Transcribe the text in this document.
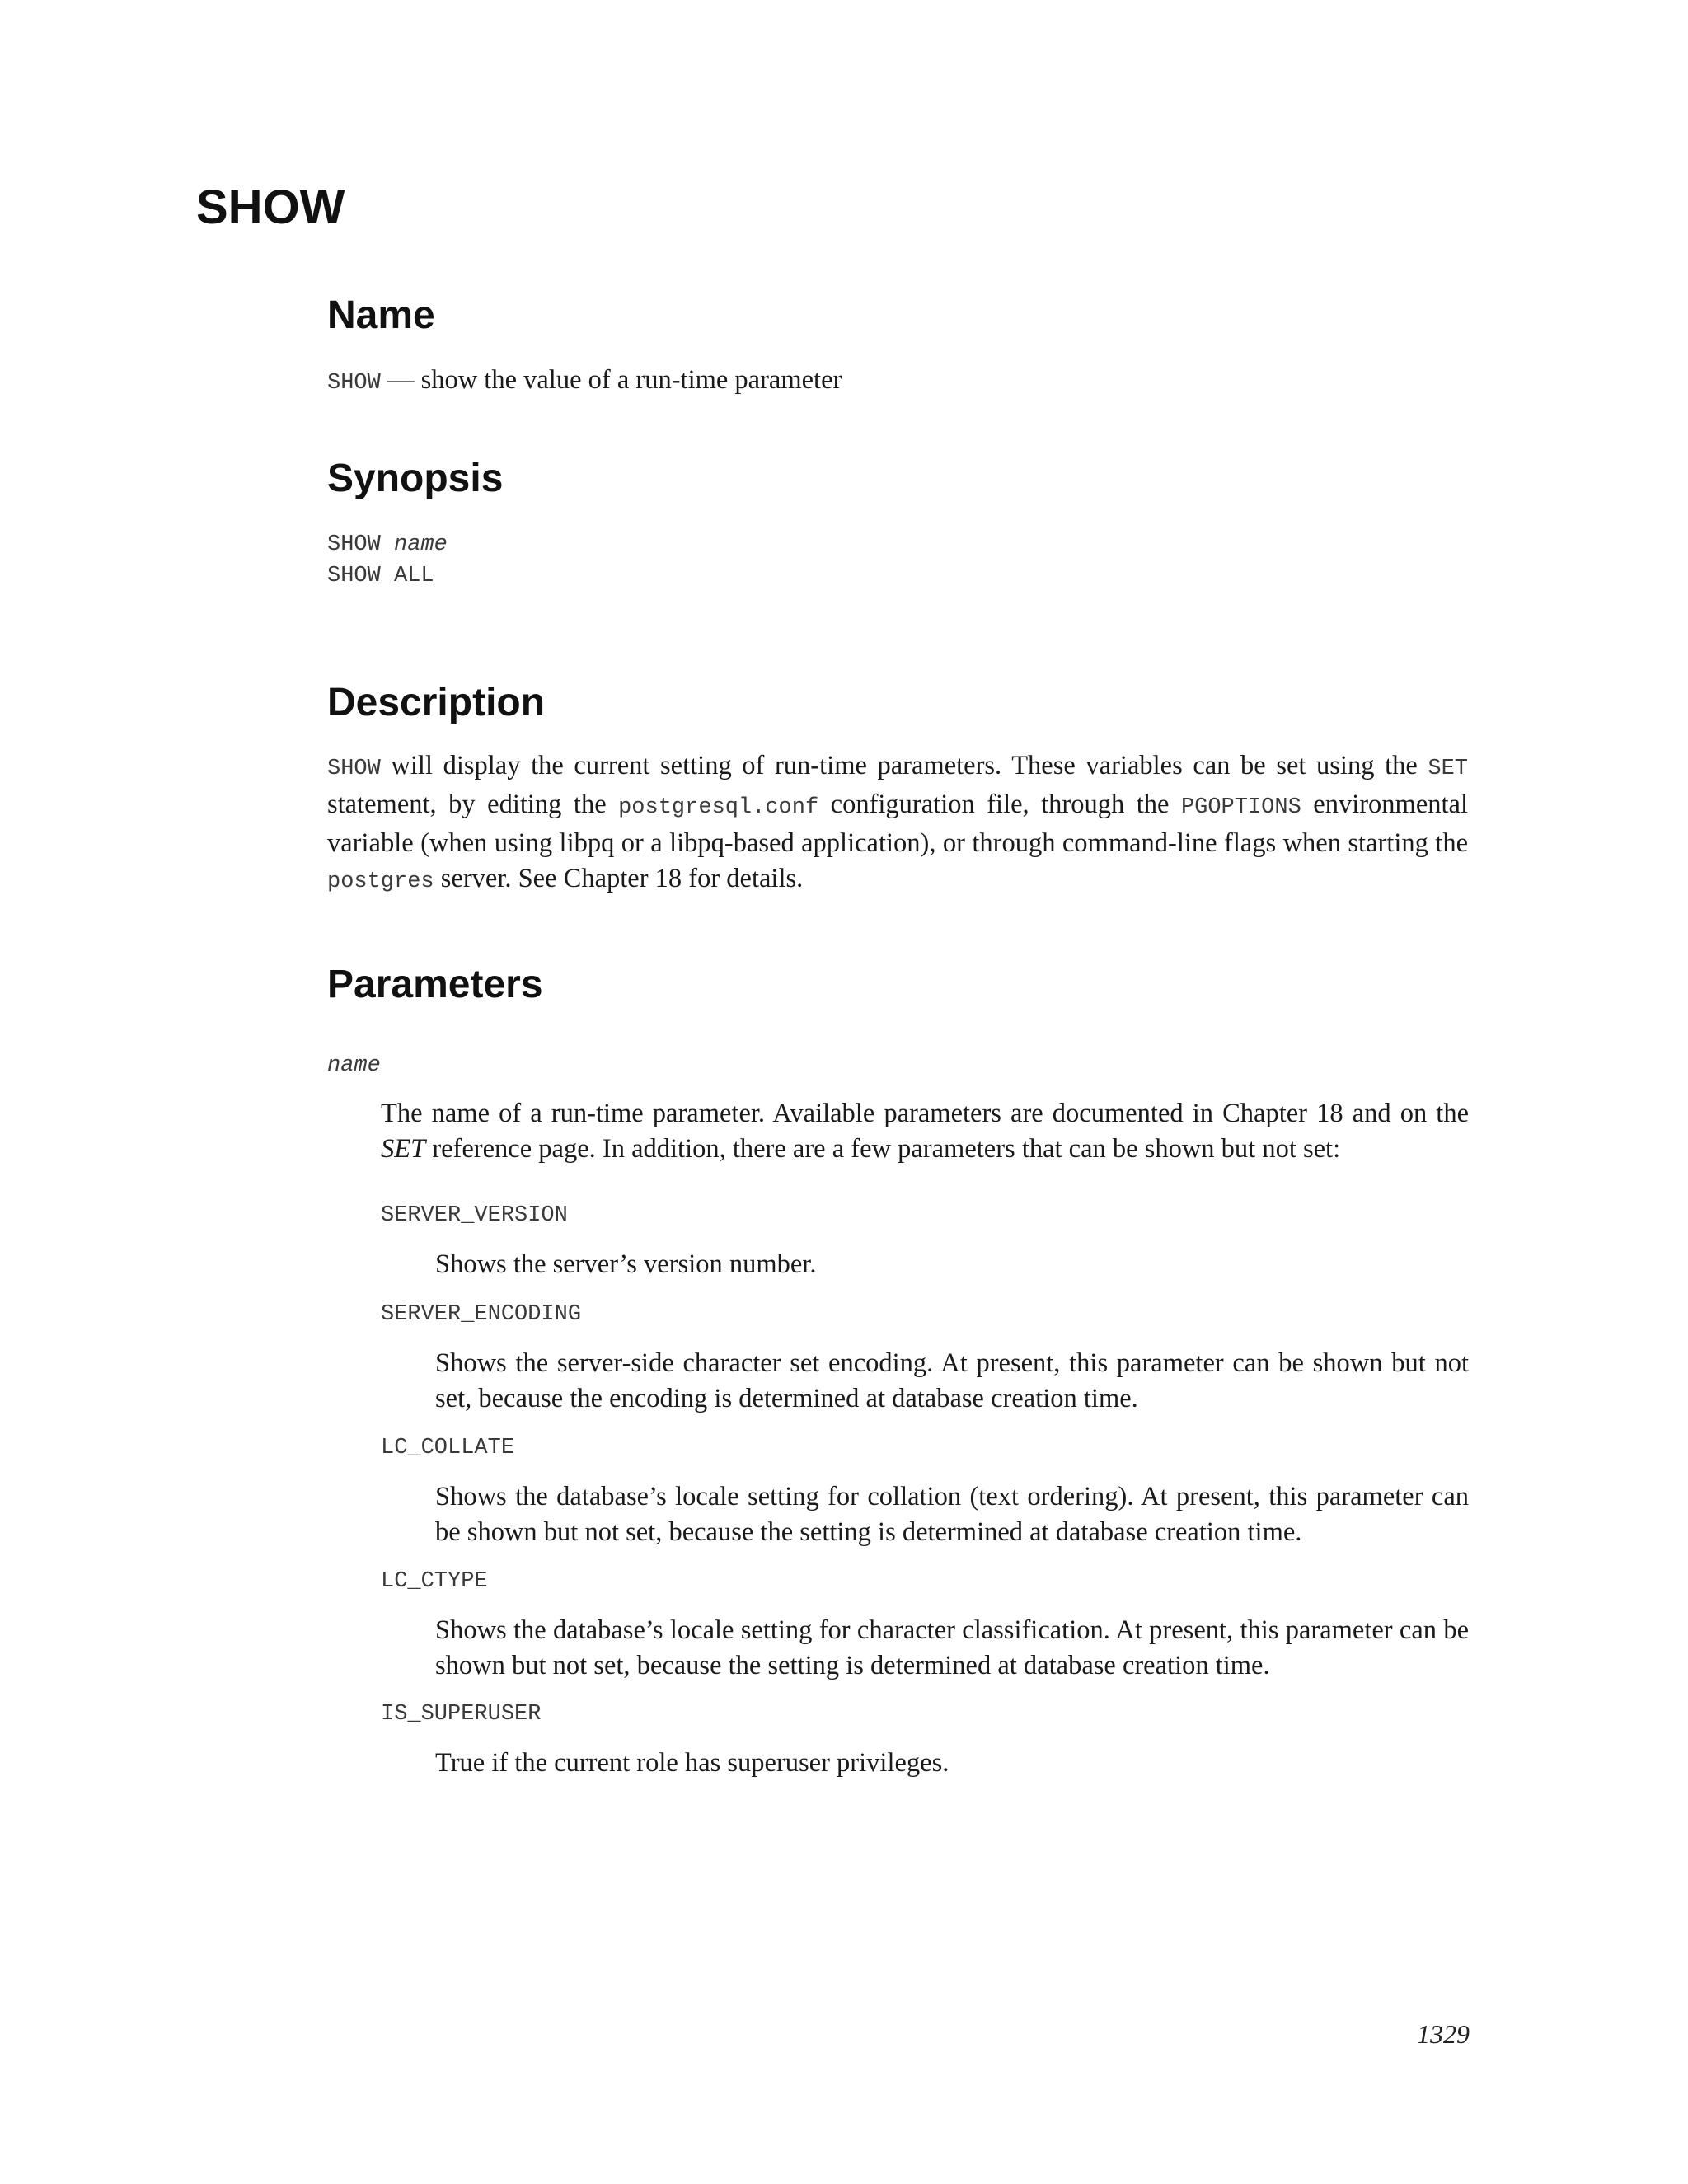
SHOW
Name

SHOW — show the value of a run-time parameter

Synopsis
SHOW name
SHOW ALL
Description

SHOW will display the current setting of run-time parameters. These variables can be set using the SET statement, by editing the postgresql.conf configuration file, through the PGOPTIONS environmental variable (when using libpq or a libpq-based application), or through command-line flags when starting the postgres server. See Chapter 18 for details.

Parameters
name

The name of a run-time parameter. Available parameters are documented in Chapter 18 and on the SET reference page. In addition, there are a few parameters that can be shown but not set:

SERVER_VERSION

Shows the server’s version number.

SERVER_ENCODING

Shows the server-side character set encoding. At present, this parameter can be shown but not set, because the encoding is determined at database creation time.

LC_COLLATE

Shows the database’s locale setting for collation (text ordering). At present, this parameter can be shown but not set, because the setting is determined at database creation time.

LC_CTYPE

Shows the database’s locale setting for character classification. At present, this parameter can be shown but not set, because the setting is determined at database creation time.

IS_SUPERUSER

True if the current role has superuser privileges.

1329
